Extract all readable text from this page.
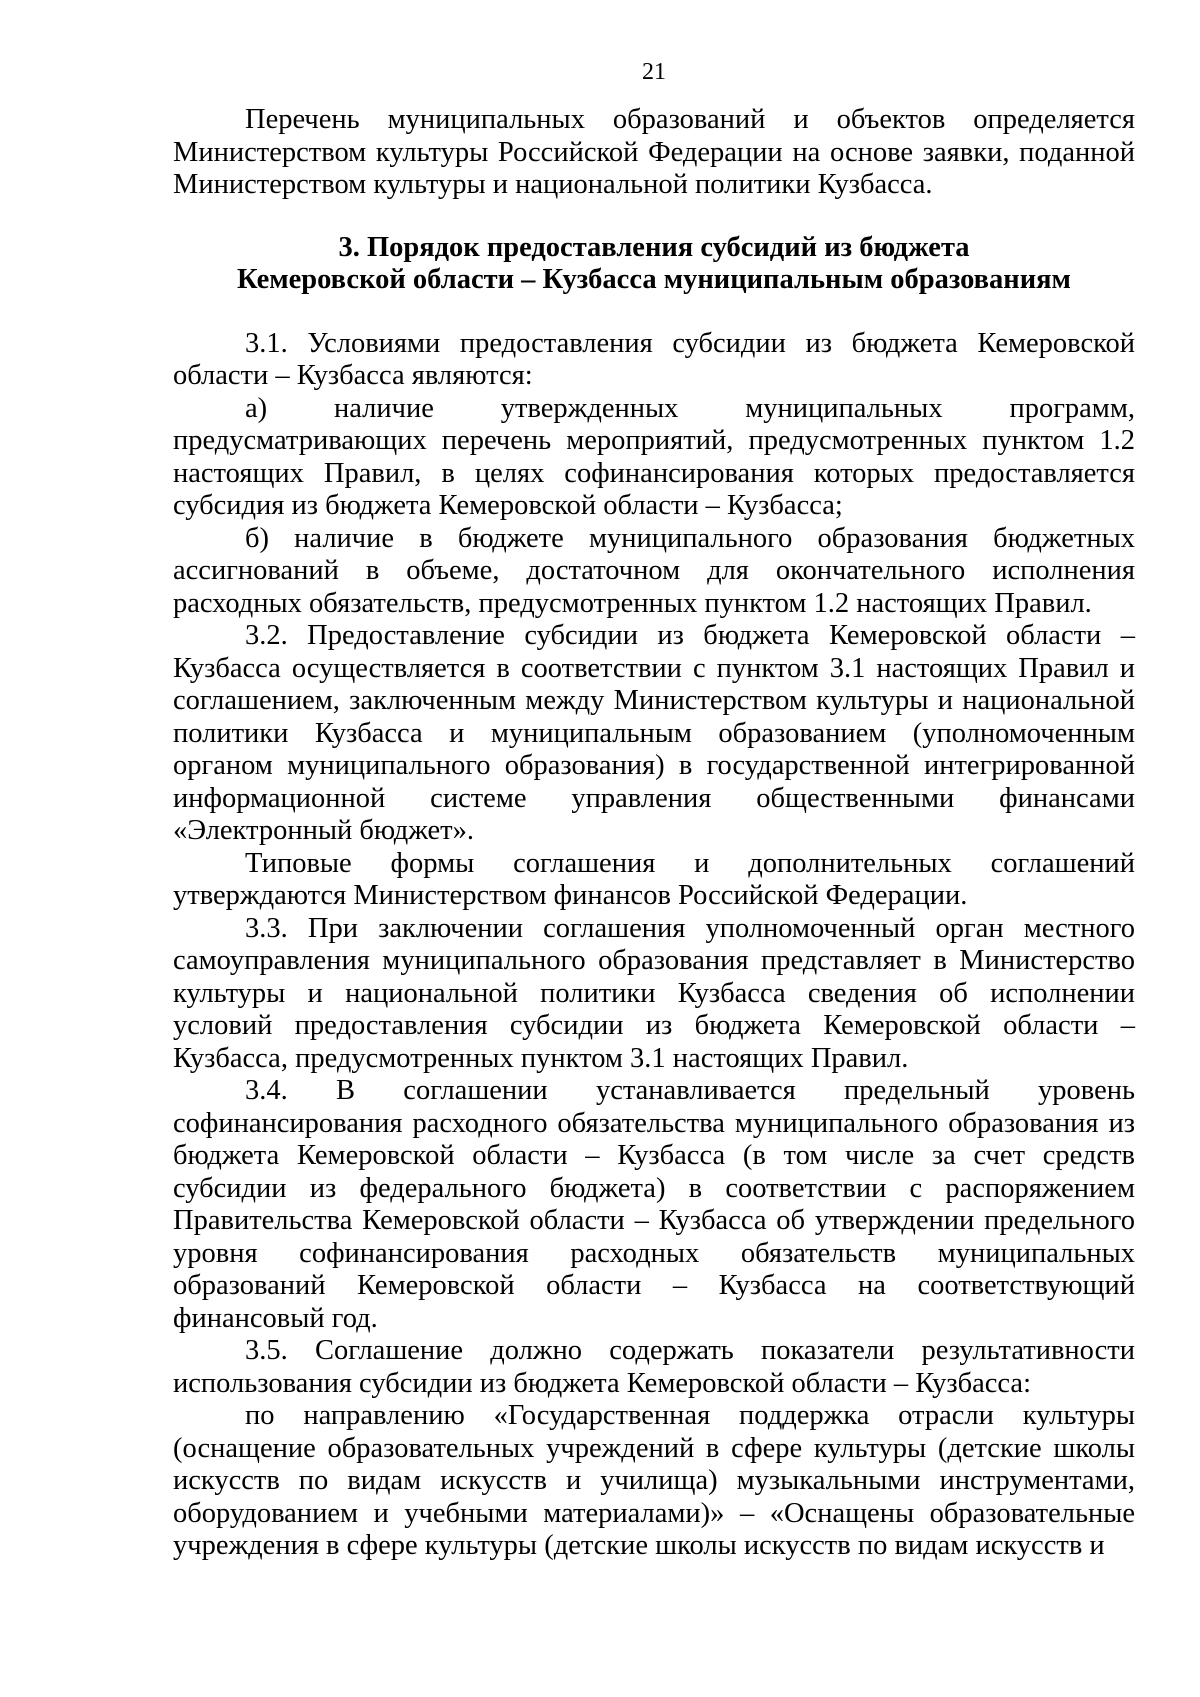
21

Перечень муниципальных образований и объектов определяется Министерством культуры Российской Федерации на основе заявки, поданной Министерством культуры и национальной политики Кузбасса.

3. Порядок предоставления субсидий из бюджета
Кемеровской области – Кузбасса муниципальным образованиям

3.1. Условиями предоставления субсидии из бюджета Кемеровской области – Кузбасса являются:

а) наличие утвержденных муниципальных программ, предусматривающих перечень мероприятий, предусмотренных пунктом 1.2 настоящих Правил, в целях софинансирования которых предоставляется субсидия из бюджета Кемеровской области – Кузбасса;

б) наличие в бюджете муниципального образования бюджетных ассигнований в объеме, достаточном для окончательного исполнения расходных обязательств, предусмотренных пунктом 1.2 настоящих Правил.

3.2. Предоставление субсидии из бюджета Кемеровской области – Кузбасса осуществляется в соответствии с пунктом 3.1 настоящих Правил и соглашением, заключенным между Министерством культуры и национальной политики Кузбасса и муниципальным образованием (уполномоченным органом муниципального образования) в государственной интегрированной информационной системе управления общественными финансами «Электронный бюджет».

Типовые формы соглашения и дополнительных соглашений утверждаются Министерством финансов Российской Федерации.

3.3. При заключении соглашения уполномоченный орган местного самоуправления муниципального образования представляет в Министерство культуры и национальной политики Кузбасса сведения об исполнении условий предоставления субсидии из бюджета Кемеровской области – Кузбасса, предусмотренных пунктом 3.1 настоящих Правил.

3.4. В соглашении устанавливается предельный уровень софинансирования расходного обязательства муниципального образования из бюджета Кемеровской области – Кузбасса (в том числе за счет средств субсидии из федерального бюджета) в соответствии с распоряжением Правительства Кемеровской области – Кузбасса об утверждении предельного уровня софинансирования расходных обязательств муниципальных образований Кемеровской области – Кузбасса на соответствующий финансовый год.

3.5. Соглашение должно содержать показатели результативности использования субсидии из бюджета Кемеровской области – Кузбасса:

по направлению «Государственная поддержка отрасли культуры (оснащение образовательных учреждений в сфере культуры (детские школы искусств по видам искусств и училища) музыкальными инструментами, оборудованием и учебными материалами)» – «Оснащены образовательные учреждения в сфере культуры (детские школы искусств по видам искусств и
